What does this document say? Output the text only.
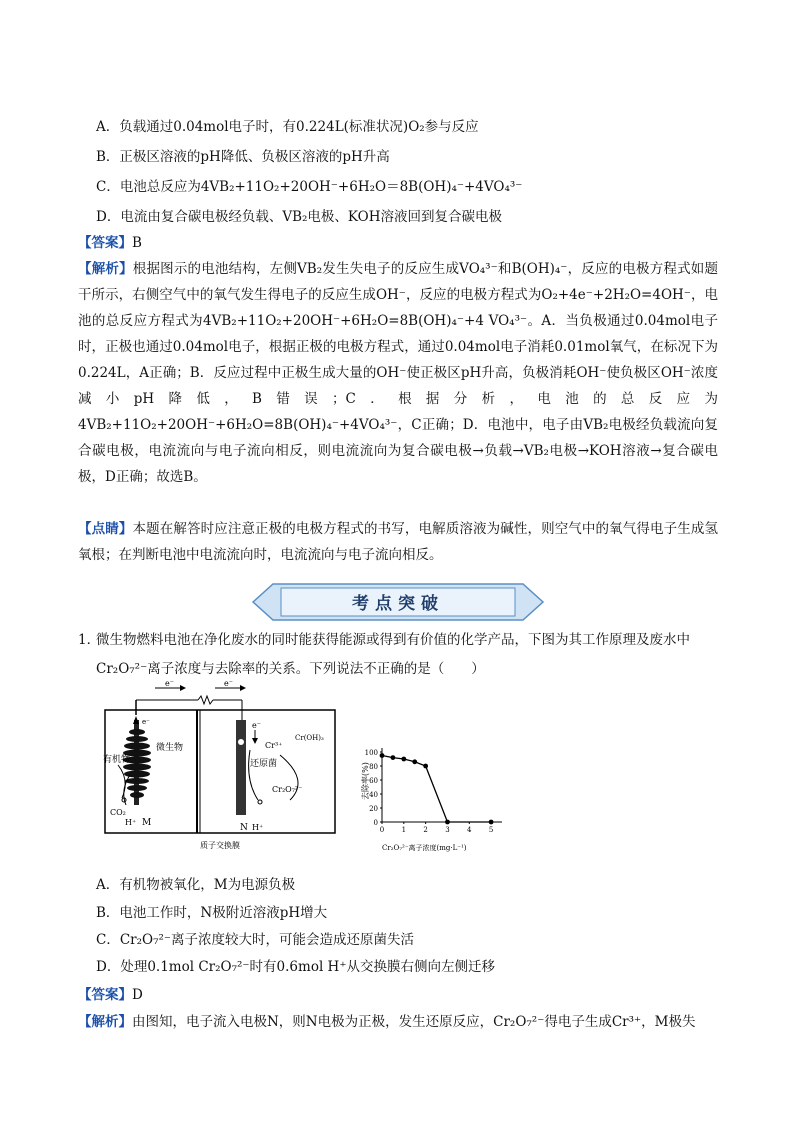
A．负载通过0.04mol电子时，有0.224L(标准状况)O₂参与反应
B．正极区溶液的pH降低、负极区溶液的pH升高
C．电池总反应为4VB₂+11O₂+20OH⁻+6H₂O＝8B(OH)₄⁻+4VO₄³⁻
D．电流由复合碳电极经负载、VB₂电极、KOH溶液回到复合碳电极
【答案】B
【解析】根据图示的电池结构，左侧VB₂发生失电子的反应生成VO₄³⁻和B(OH)₄⁻，反应的电极方程式如题干所示，右侧空气中的氧气发生得电子的反应生成OH⁻，反应的电极方程式为O₂+4e⁻+2H₂O=4OH⁻，电池的总反应方程式为4VB₂+11O₂+20OH⁻+6H₂O=8B(OH)₄⁻+4 VO₄³⁻。A．当负极通过0.04mol电子时，正极也通过0.04mol电子，根据正极的电极方程式，通过0.04mol电子消耗0.01mol氧气，在标况下为0.224L，A正确；B．反应过程中正极生成大量的OH⁻使正极区pH升高，负极消耗OH⁻使负极区OH⁻浓度减小pH降低，B错误；C．根据分析，电池的总反应为4VB₂+11O₂+20OH⁻+6H₂O=8B(OH)₄⁻+4VO₄³⁻，C正确；D．电池中，电子由VB₂电极经负载流向复合碳电极，电流流向与电子流向相反，则电流流向为复合碳电极→负载→VB₂电极→KOH溶液→复合碳电极，D正确；故选B。
【点睛】本题在解答时应注意正极的电极方程式的书写，电解质溶液为碱性，则空气中的氧气得电子生成氢氧根；在判断电池中电流流向时，电流流向与电子流向相反。
考点突破
1．
微生物燃料电池在净化废水的同时能获得能源或得到有价值的化学产品，下图为其工作原理及废水中
Cr₂O₇²⁻离子浓度与去除率的关系。下列说法不正确的是（　　）
e⁻	e⁻
e⁻
有机物
微生物
CO₂
H⁺ M
e⁻
Cr³⁺
Cr(OH)₃
还原菌
Cr₂O₇²⁻
N H⁺
质子交换膜
去除率(%)
0
20
40
60
80
100
0 1 2 3 4 5
Cr₂O₇²⁻离子浓度(mg·L⁻¹)
A．有机物被氧化，M为电源负极
B．电池工作时，N极附近溶液pH增大
C．Cr₂O₇²⁻离子浓度较大时，可能会造成还原菌失活
D．处理0.1mol Cr₂O₇²⁻时有0.6mol H⁺从交换膜右侧向左侧迁移
【答案】D
【解析】由图知，电子流入电极N，则N电极为正极，发生还原反应，Cr₂O₇²⁻得电子生成Cr³⁺，M极失
